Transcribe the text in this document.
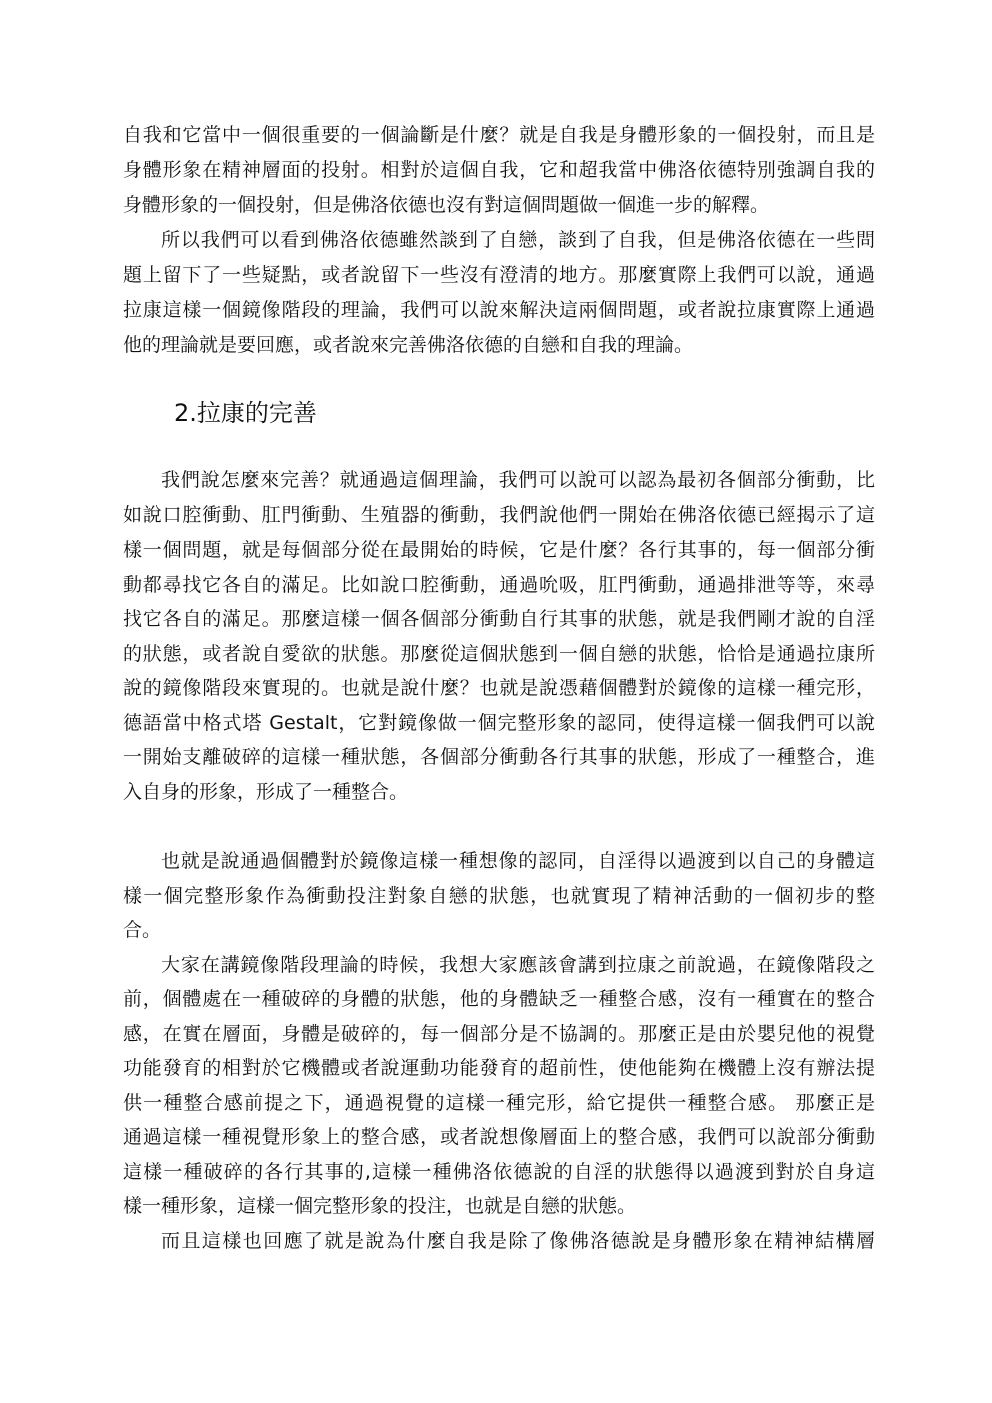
自我和它當中一個很重要的一個論斷是什麼？就是自我是身體形象的一個投射，而且是
身體形象在精神層面的投射。相對於這個自我，它和超我當中佛洛依德特別強調自我的
身體形象的一個投射，但是佛洛依德也沒有對這個問題做一個進一步的解釋。
所以我們可以看到佛洛依德雖然談到了自戀，談到了自我，但是佛洛依德在一些問
題上留下了一些疑點，或者說留下一些沒有澄清的地方。那麼實際上我們可以說，通過
拉康這樣一個鏡像階段的理論，我們可以說來解決這兩個問題，或者說拉康實際上通過
他的理論就是要回應，或者說來完善佛洛依德的自戀和自我的理論。
2.拉康的完善
我們說怎麼來完善？就通過這個理論，我們可以說可以認為最初各個部分衝動，比
如說口腔衝動、肛門衝動、生殖器的衝動，我們說他們一開始在佛洛依德已經揭示了這
樣一個問題，就是每個部分從在最開始的時候，它是什麼？各行其事的，每一個部分衝
動都尋找它各自的滿足。比如說口腔衝動，通過吮吸，肛門衝動，通過排泄等等，來尋
找它各自的滿足。那麼這樣一個各個部分衝動自行其事的狀態，就是我們剛才說的自淫
的狀態，或者說自愛欲的狀態。那麼從這個狀態到一個自戀的狀態，恰恰是通過拉康所
說的鏡像階段來實現的。也就是說什麼？也就是說憑藉個體對於鏡像的這樣一種完形，
德語當中格式塔 Gestalt，它對鏡像做一個完整形象的認同，使得這樣一個我們可以說
一開始支離破碎的這樣一種狀態，各個部分衝動各行其事的狀態，形成了一種整合，進
入自身的形象，形成了一種整合。
也就是說通過個體對於鏡像這樣一種想像的認同，自淫得以過渡到以自己的身體這
樣一個完整形象作為衝動投注對象自戀的狀態，也就實現了精神活動的一個初步的整
合。
大家在講鏡像階段理論的時候，我想大家應該會講到拉康之前說過，在鏡像階段之
前，個體處在一種破碎的身體的狀態，他的身體缺乏一種整合感，沒有一種實在的整合
感，在實在層面，身體是破碎的，每一個部分是不協調的。那麼正是由於嬰兒他的視覺
功能發育的相對於它機體或者說運動功能發育的超前性，使他能夠在機體上沒有辦法提
供一種整合感前提之下，通過視覺的這樣一種完形，給它提供一種整合感。 那麼正是
通過這樣一種視覺形象上的整合感，或者說想像層面上的整合感，我們可以說部分衝動
這樣一種破碎的各行其事的,這樣一種佛洛依德說的自淫的狀態得以過渡到對於自身這
樣一種形象，這樣一個完整形象的投注，也就是自戀的狀態。
而且這樣也回應了就是說為什麼自我是除了像佛洛德說是身體形象在精神結構層
